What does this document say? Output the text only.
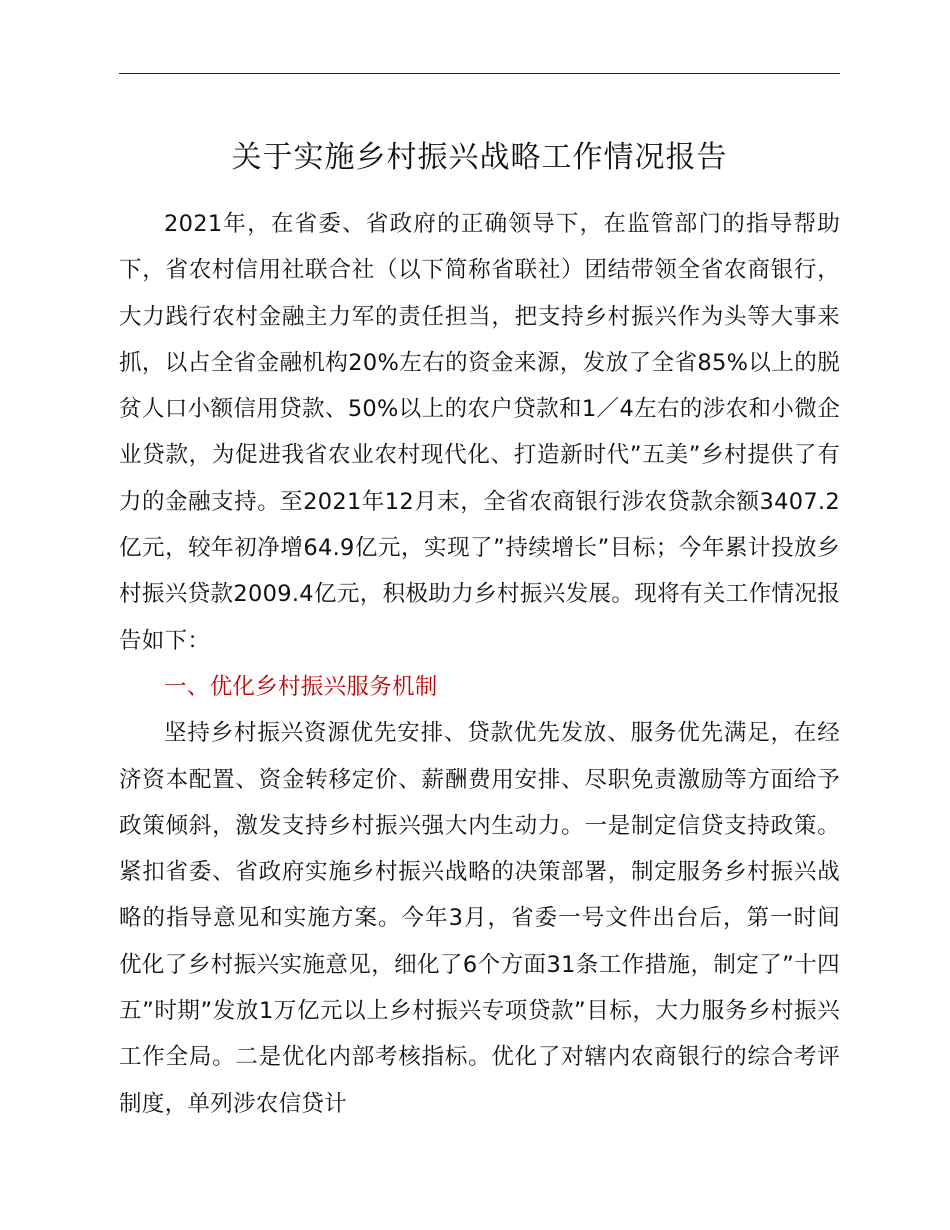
关于实施乡村振兴战略工作情况报告

2021年，在省委、省政府的正确领导下，在监管部门的指导帮助下，省农村信用社联合社（以下简称省联社）团结带领全省农商银行，大力践行农村金融主力军的责任担当，把支持乡村振兴作为头等大事来抓，以占全省金融机构20%左右的资金来源，发放了全省85%以上的脱贫人口小额信用贷款、50%以上的农户贷款和1／4左右的涉农和小微企业贷款，为促进我省农业农村现代化、打造新时代”五美”乡村提供了有力的金融支持。至2021年12月末，全省农商银行涉农贷款余额3407.2亿元，较年初净增64.9亿元，实现了”持续增长”目标；今年累计投放乡村振兴贷款2009.4亿元，积极助力乡村振兴发展。现将有关工作情况报告如下：

一、优化乡村振兴服务机制

坚持乡村振兴资源优先安排、贷款优先发放、服务优先满足，在经济资本配置、资金转移定价、薪酬费用安排、尽职免责激励等方面给予政策倾斜，激发支持乡村振兴强大内生动力。一是制定信贷支持政策。紧扣省委、省政府实施乡村振兴战略的决策部署，制定服务乡村振兴战略的指导意见和实施方案。今年3月，省委一号文件出台后，第一时间优化了乡村振兴实施意见，细化了6个方面31条工作措施，制定了”十四五”时期”发放1万亿元以上乡村振兴专项贷款”目标，大力服务乡村振兴工作全局。二是优化内部考核指标。优化了对辖内农商银行的综合考评制度，单列涉农信贷计
